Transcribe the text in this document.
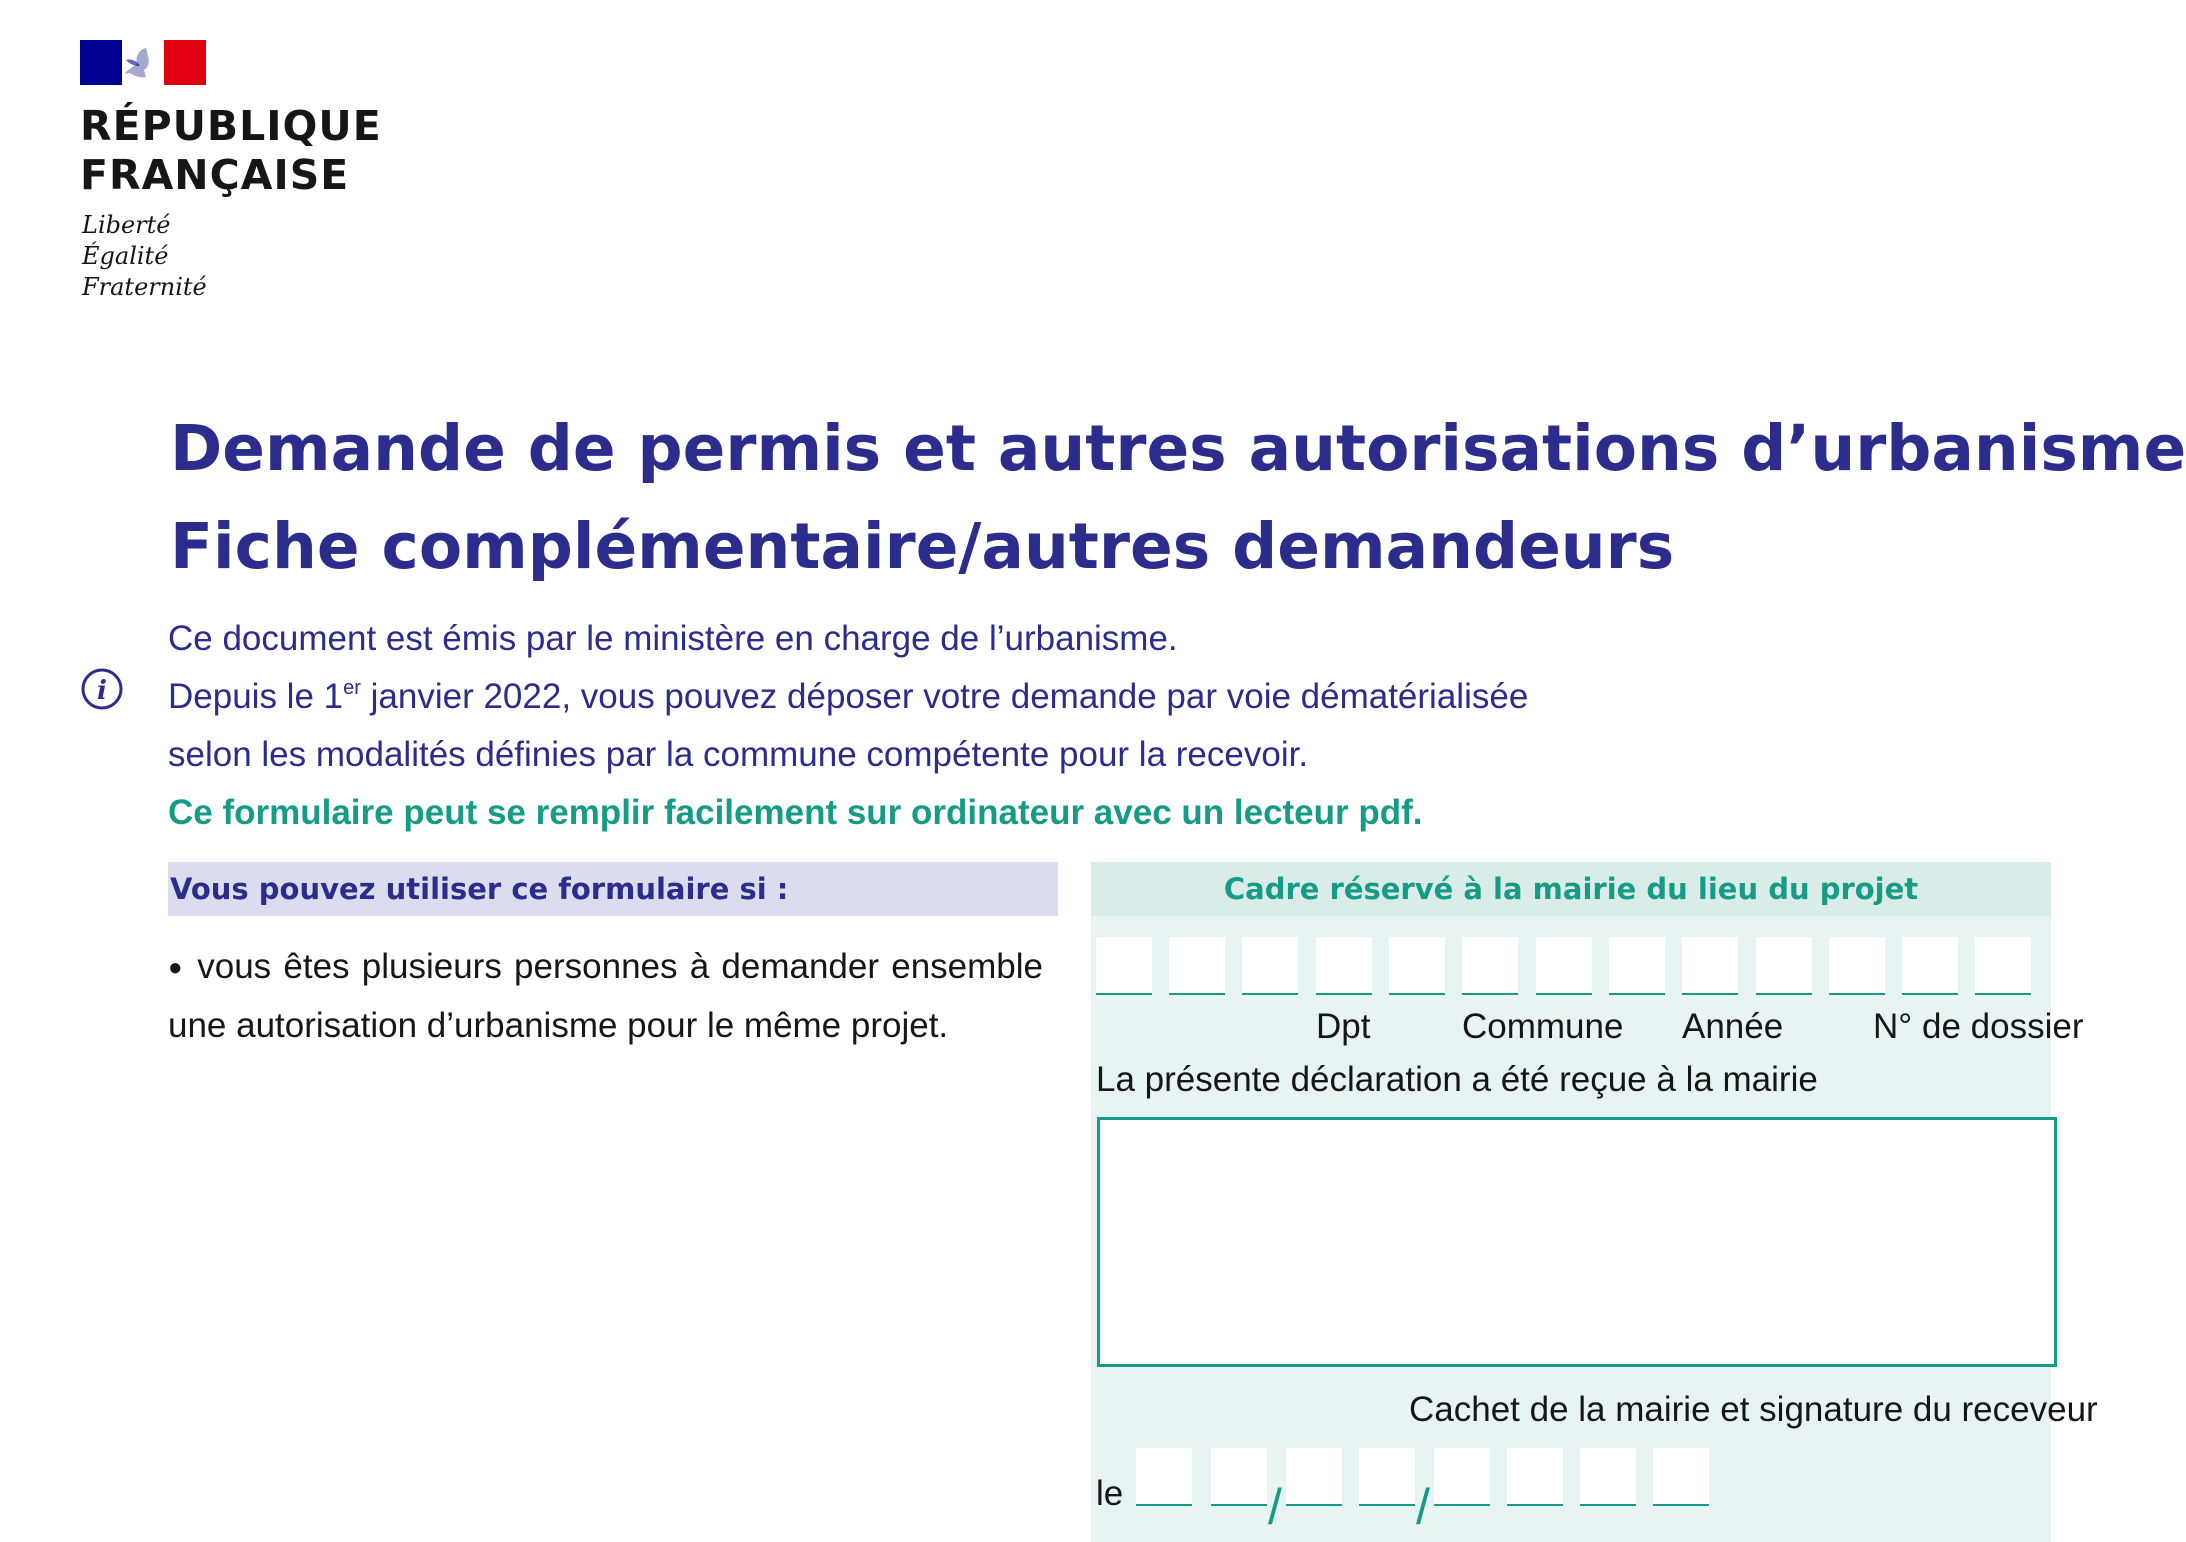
RÉPUBLIQUE
FRANÇAISE
Liberté
Égalité
Fraternité
Demande de permis et autres autorisations d’urbanisme
Fiche complémentaire/autres demandeurs
i

Ce document est émis par le ministère en charge de l’urbanisme.

Depuis le 1er janvier 2022, vous pouvez déposer votre demande par voie dématérialisée

selon les modalités définies par la commune compétente pour la recevoir.

Ce formulaire peut se remplir facilement sur ordinateur avec un lecteur pdf.

Vous pouvez utiliser ce formulaire si :

● vous êtes plusieurs personnes à demander ensemble une autorisation d’urbanisme pour le même projet.

Cadre réservé à la mairie du lieu du projet
Dpt	Commune Année	N° de dossier
La présente déclaration a été reçue à la mairie
Cachet de la mairie et signature du receveur
le	/	/
